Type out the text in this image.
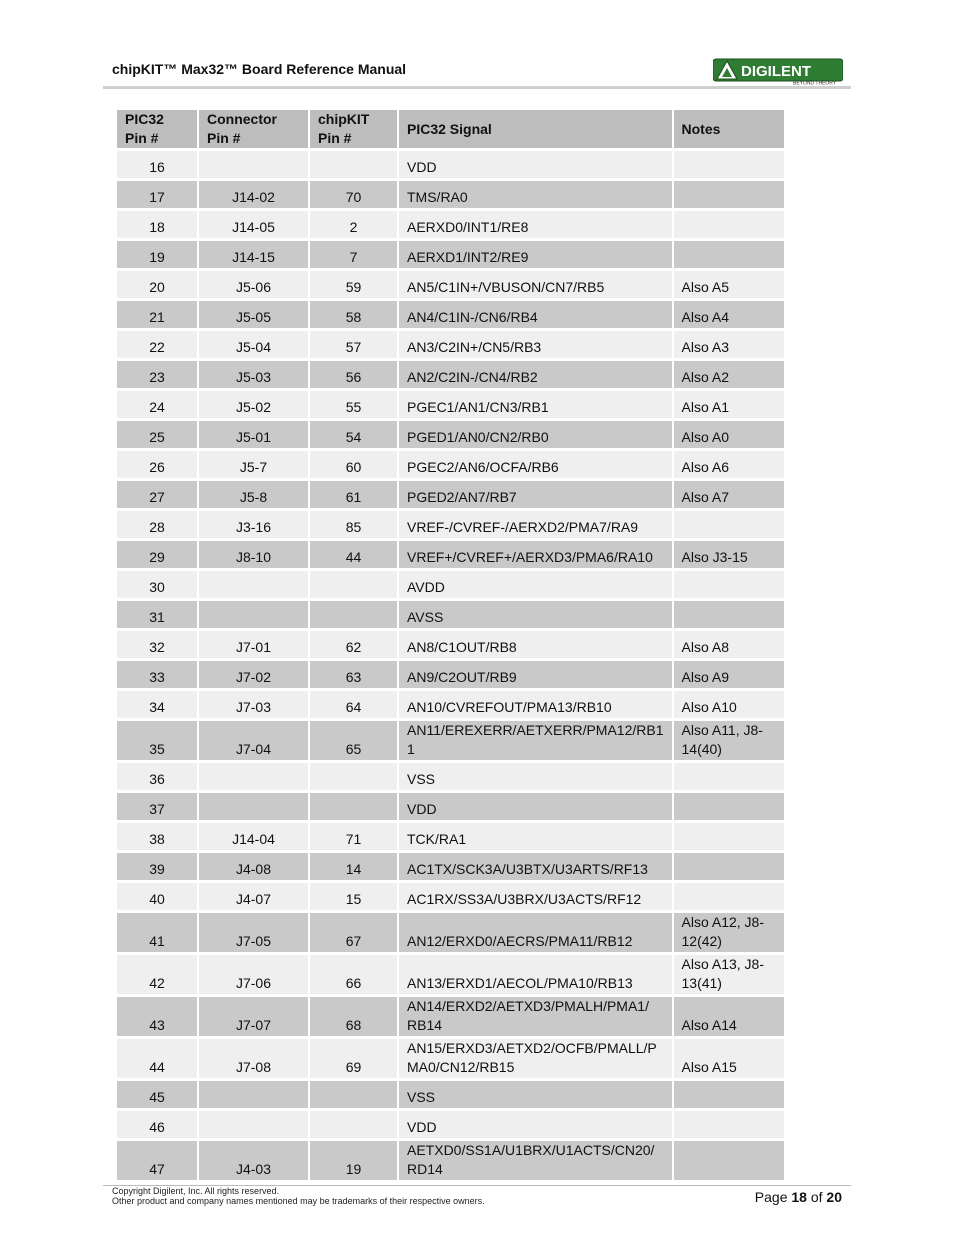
chipKIT™ Max32™ Board Reference Manual	DIGILENT
BEYOND THEORY
PIC32 Pin #	Connector Pin #	chipKIT Pin #	PIC32 Signal	Notes
16			VDD	
17	J14-02	70	TMS/RA0	
18	J14-05	2	AERXD0/INT1/RE8	
19	J14-15	7	AERXD1/INT2/RE9	
20	J5-06	59	AN5/C1IN+/VBUSON/CN7/RB5	Also A5
21	J5-05	58	AN4/C1IN-/CN6/RB4	Also A4
22	J5-04	57	AN3/C2IN+/CN5/RB3	Also A3
23	J5-03	56	AN2/C2IN-/CN4/RB2	Also A2
24	J5-02	55	PGEC1/AN1/CN3/RB1	Also A1
25	J5-01	54	PGED1/AN0/CN2/RB0	Also A0
26	J5-7	60	PGEC2/AN6/OCFA/RB6	Also A6
27	J5-8	61	PGED2/AN7/RB7	Also A7
28	J3-16	85	VREF-/CVREF-/AERXD2/PMA7/RA9	
29	J8-10	44	VREF+/CVREF+/AERXD3/PMA6/RA10	Also J3-15
30			AVDD	
31			AVSS	
32	J7-01	62	AN8/C1OUT/RB8	Also A8
33	J7-02	63	AN9/C2OUT/RB9	Also A9
34	J7-03	64	AN10/CVREFOUT/PMA13/RB10	Also A10
35	J7-04	65	AN11/EREXERR/AETXERR/PMA12/RB1 1	Also A11, J8-14(40)
36			VSS	
37			VDD	
38	J14-04	71	TCK/RA1	
39	J4-08	14	AC1TX/SCK3A/U3BTX/U3ARTS/RF13	
40	J4-07	15	AC1RX/SS3A/U3BRX/U3ACTS/RF12	
41	J7-05	67	AN12/ERXD0/AECRS/PMA11/RB12	Also A12, J8-12(42)
42	J7-06	66	AN13/ERXD1/AECOL/PMA10/RB13	Also A13, J8-13(41)
43	J7-07	68	AN14/ERXD2/AETXD3/PMALH/PMA1/ RB14	Also A14
44	J7-08	69	AN15/ERXD3/AETXD2/OCFB/PMALL/P MA0/CN12/RB15	Also A15
45			VSS	
46			VDD	
47	J4-03	19	AETXD0/SS1A/U1BRX/U1ACTS/CN20/ RD14	
Copyright Digilent, Inc. All rights reserved.
Other product and company names mentioned may be trademarks of their respective owners.	Page 18 of 20
